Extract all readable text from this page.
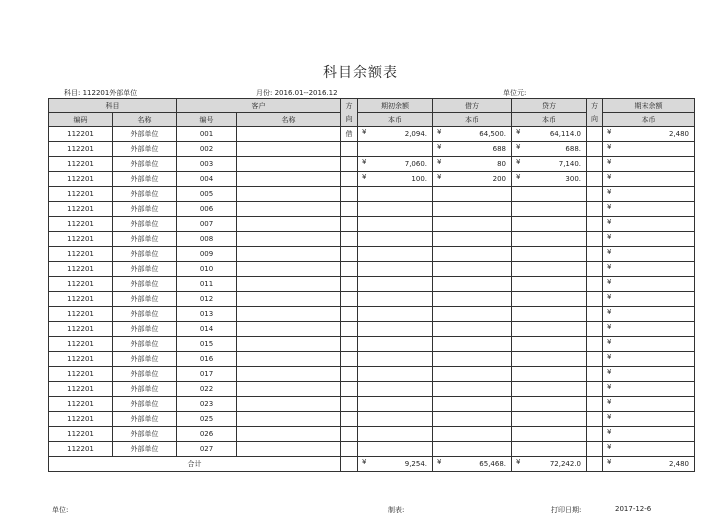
科目余额表
科目: 112201外部单位	月份: 2016.01--2016.12	单位元:
科目		客户		方向	期初余额	借方	贷方	方向	期末余额
编码	名称	编号	名称		本币	本币	本币		本币
112201	外部单位	001		借	¥ 2,094.	¥ 64,500.	¥ 64,114.0		¥ 2,480

112201	外部单位	002				¥ 688	¥ 688.		¥

112201	外部单位	003			¥ 7,060.	¥ 80	¥ 7,140.		¥

112201	外部单位	004			¥ 100.	¥ 200	¥ 300.		¥

112201	外部单位	005							¥

112201	外部单位	006							¥

112201	外部单位	007							¥

112201	外部单位	008							¥

112201	外部单位	009							¥

112201	外部单位	010							¥

112201	外部单位	011							¥

112201	外部单位	012							¥

112201	外部单位	013							¥

112201	外部单位	014							¥

112201	外部单位	015							¥

112201	外部单位	016							¥

112201	外部单位	017							¥

112201	外部单位	022							¥

112201	外部单位	023							¥

112201	外部单位	025							¥

112201	外部单位	026							¥

112201	外部单位	027							¥

合计					¥ 9,254.	¥ 65,468.	¥ 72,242.0		¥ 2,480
单位:	制表:	打印日期:	2017-12-6
